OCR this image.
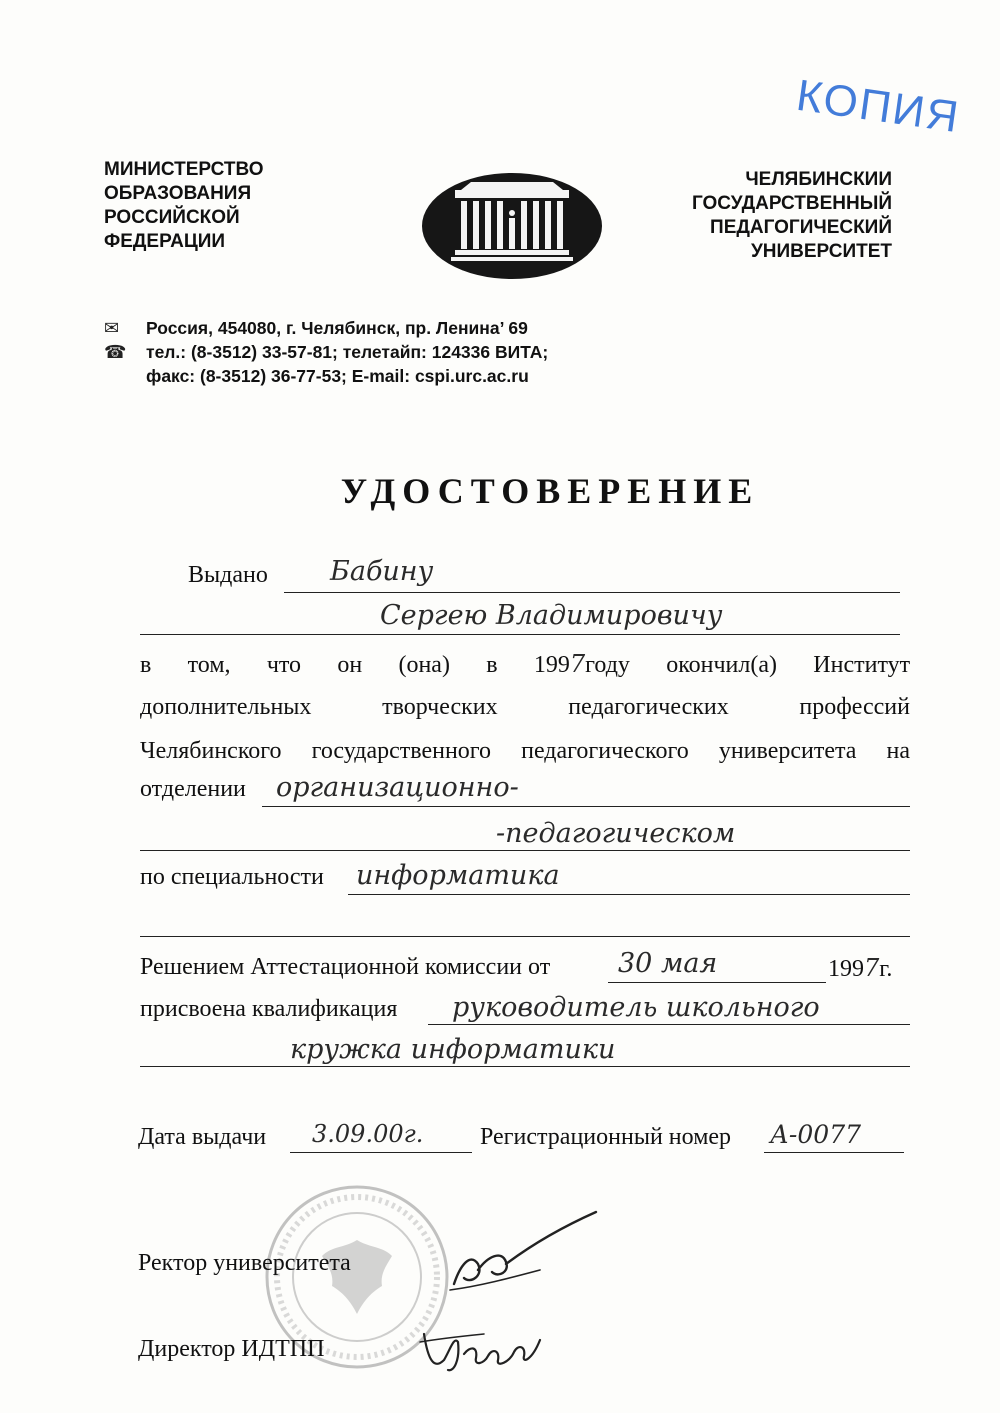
КОПИЯ
МИНИСТЕРСТВО
ОБРАЗОВАНИЯ
РОССИЙСКОЙ
ФЕДЕРАЦИИ
ЧЕЛЯБИНСКИИ
ГОСУДАРСТВЕННЫЙ
ПЕДАГОГИЧЕСКИЙ
УНИВЕРСИТЕТ
✉	Россия, 454080, г. Челябинск, пр. Ленина’ 69
☎	тел.: (8-3512) 33-57-81; телетайп: 124336 ВИТА;
факс: (8-3512) 36-77-53; E-mail: cspi.urc.ac.ru
УДОСТОВЕРЕНИЕ
Выдано Бабину
Сергею Владимировичу
в том, что он (она) в 1997году окончил(а) Институт
дополнительных	творческих	педагогических	профессий
Челябинского государственного педагогического университета на
отделении организационно-
-педагогическом
по специальности информатика
Решением Аттестационной комиссии от	30 мая	1997г.
присвоена квалификация руководитель школьного
кружка информатики
Дата выдачи 3.09.00г. Регистрационный номер А-0077
Ректор университета
Директор ИДТПП
